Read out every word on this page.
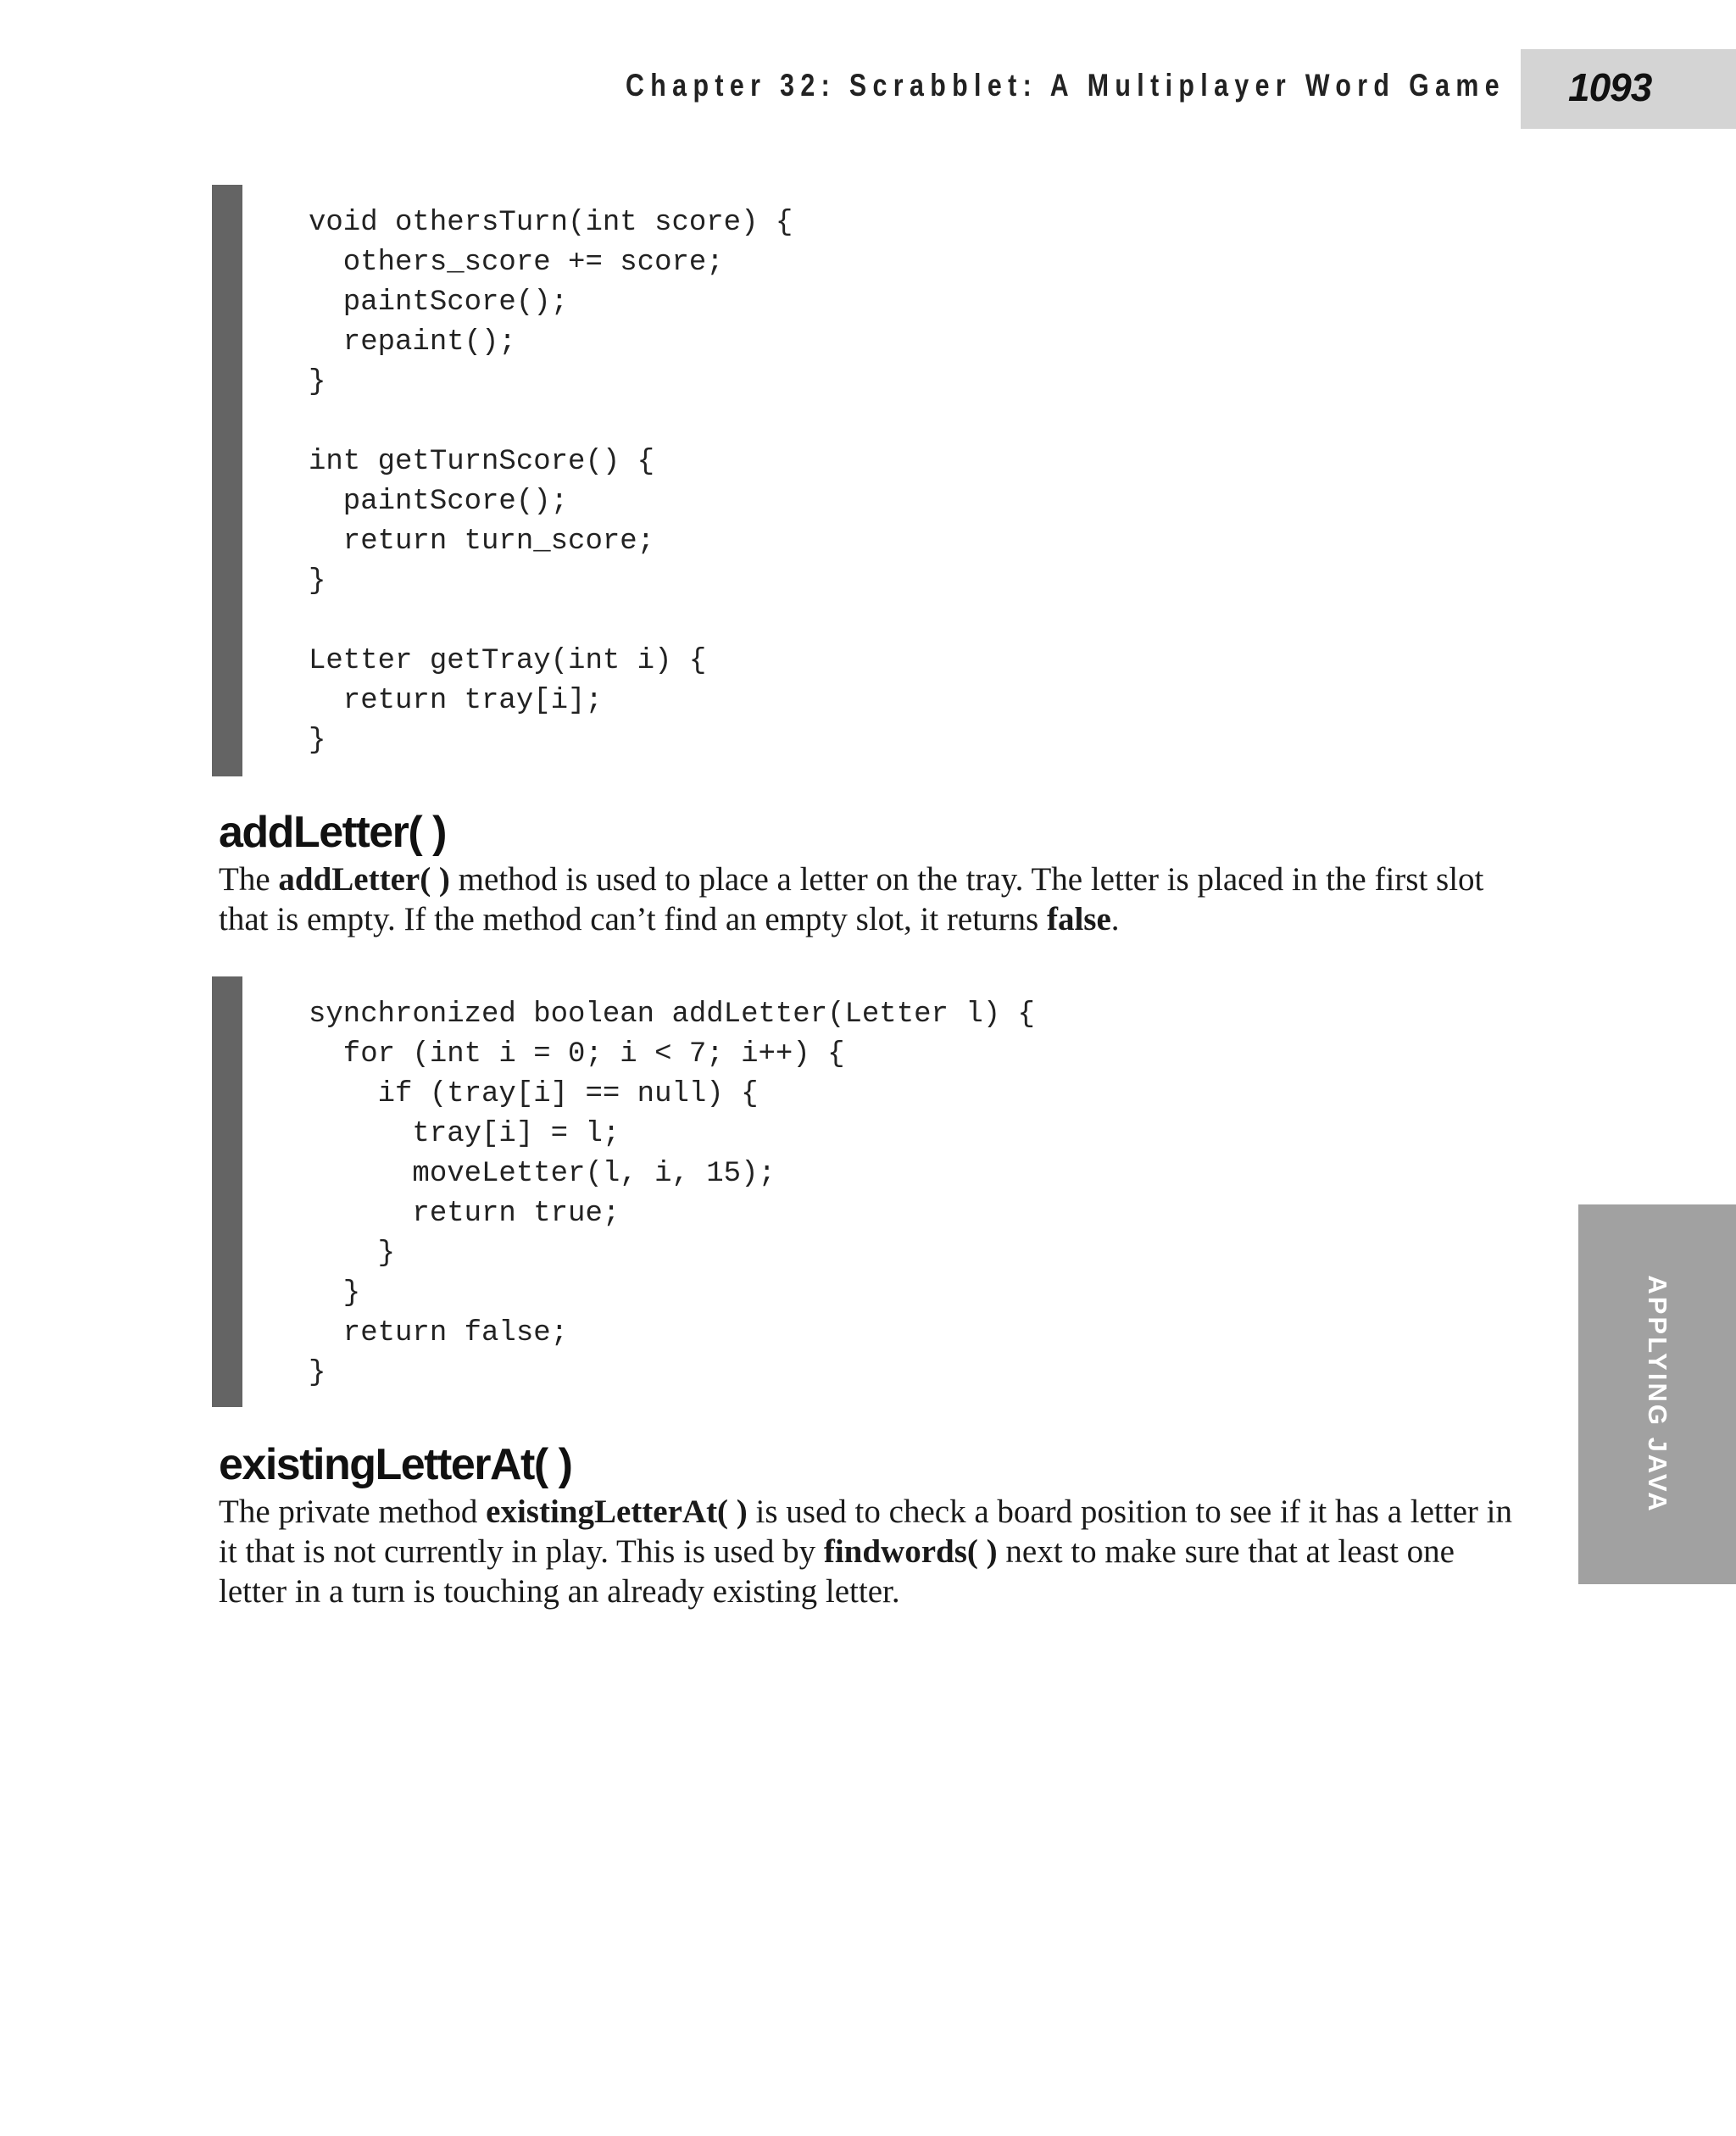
Chapter 32: Scrabblet: A Multiplayer Word Game 1093
void othersTurn(int score) {
others_score += score;
paintScore();
repaint();
}

int getTurnScore() {
paintScore();
return turn_score;
}

Letter getTray(int i) {
return tray[i];
}
addLetter( )

The addLetter( ) method is used to place a letter on the tray. The letter is placed in the first slot that is empty. If the method can’t find an empty slot, it returns false.

synchronized boolean addLetter(Letter l) {
for (int i = 0; i < 7; i++) {
if (tray[i] == null) {
tray[i] = l;
moveLetter(l, i, 15);
return true;
}
}
return false;
}
existingLetterAt( )

The private method existingLetterAt( ) is used to check a board position to see if it has a letter in it that is not currently in play. This is used by findwords( ) next to make sure that at least one letter in a turn is touching an already existing letter.

APPLYING JAVA
